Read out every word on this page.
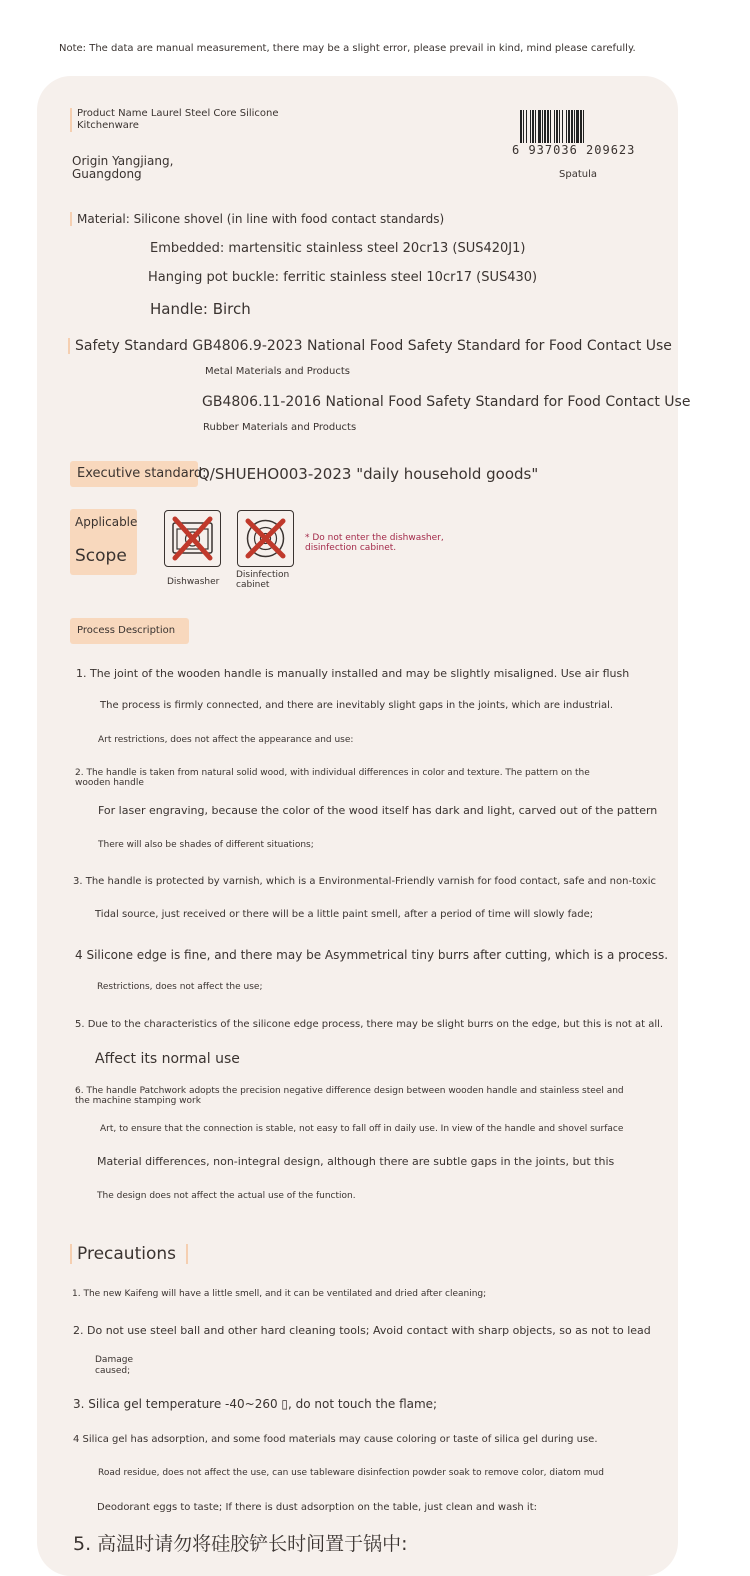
Note: The data are manual measurement, there may be a slight error, please prevail in kind, mind please carefully.
Product Name Laurel Steel Core Silicone Kitchenware
Origin Yangjiang, Guangdong
6 937036 209623
Spatula
Material: Silicone shovel (in line with food contact standards)
Embedded: martensitic stainless steel 20cr13 (SUS420J1)
Hanging pot buckle: ferritic stainless steel 10cr17 (SUS430)
Handle: Birch
Safety Standard GB4806.9-2023 National Food Safety Standard for Food Contact Use
Metal Materials and Products
GB4806.11-2016 National Food Safety Standard for Food Contact Use
Rubber Materials and Products
Executive standard:
Q/SHUEHO003-2023 "daily household goods"
Applicable
Scope
Dishwasher
Disinfection cabinet
* Do not enter the dishwasher, disinfection cabinet.
Process Description
1. The joint of the wooden handle is manually installed and may be slightly misaligned. Use air flush
The process is firmly connected, and there are inevitably slight gaps in the joints, which are industrial.
Art restrictions, does not affect the appearance and use:
2. The handle is taken from natural solid wood, with individual differences in color and texture. The pattern on the wooden handle
For laser engraving, because the color of the wood itself has dark and light, carved out of the pattern
There will also be shades of different situations;
3. The handle is protected by varnish, which is a Environmental-Friendly varnish for food contact, safe and non-toxic
Tidal source, just received or there will be a little paint smell, after a period of time will slowly fade;
4 Silicone edge is fine, and there may be Asymmetrical tiny burrs after cutting, which is a process.
Restrictions, does not affect the use;
5. Due to the characteristics of the silicone edge process, there may be slight burrs on the edge, but this is not at all.
Affect its normal use
6. The handle Patchwork adopts the precision negative difference design between wooden handle and stainless steel and the machine stamping work
Art, to ensure that the connection is stable, not easy to fall off in daily use. In view of the handle and shovel surface
Material differences, non-integral design, although there are subtle gaps in the joints, but this
The design does not affect the actual use of the function.
Precautions
1. The new Kaifeng will have a little smell, and it can be ventilated and dried after cleaning;
2. Do not use steel ball and other hard cleaning tools; Avoid contact with sharp objects, so as not to lead
Damage caused;
3. Silica gel temperature -40~260 ▯, do not touch the flame;
4 Silica gel has adsorption, and some food materials may cause coloring or taste of silica gel during use.
Road residue, does not affect the use, can use tableware disinfection powder soak to remove color, diatom mud
Deodorant eggs to taste; If there is dust adsorption on the table, just clean and wash it:
5. 高温时请勿将硅胶铲长时间置于锅中:
